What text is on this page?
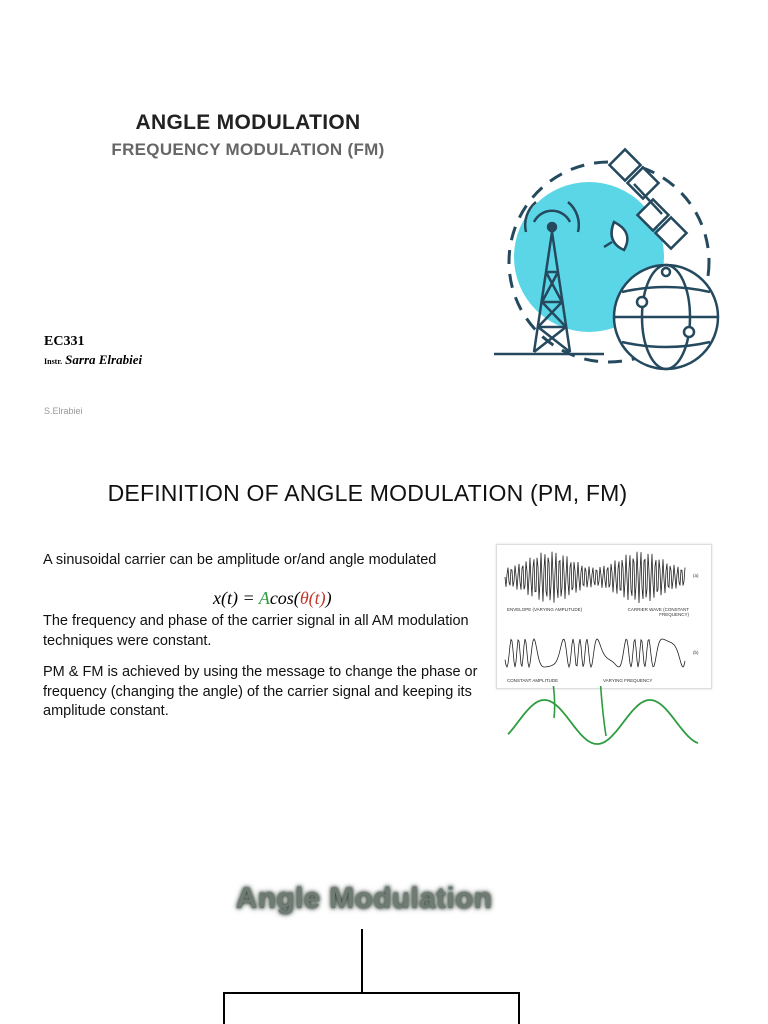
ANGLE MODULATION
FREQUENCY MODULATION (FM)
EC331
Instr. Sarra Elrabiei
S.Elrabiei
DEFINITION OF ANGLE MODULATION (PM, FM)
A sinusoidal carrier can be amplitude or/and angle modulated
x(t) = Acos(θ(t))
The frequency and phase of the carrier signal in all AM modulation techniques were constant.
PM & FM is achieved by using the message to change the phase or frequency (changing the angle) of the carrier signal and keeping its amplitude constant.
(a)
ENVELOPE (VARYING AMPLITUDE)	CARRIER WAVE (CONSTANT FREQUENCY)
(b)
CONSTANT AMPLITUDE	VARYING FREQUENCY
Angle Modulation
